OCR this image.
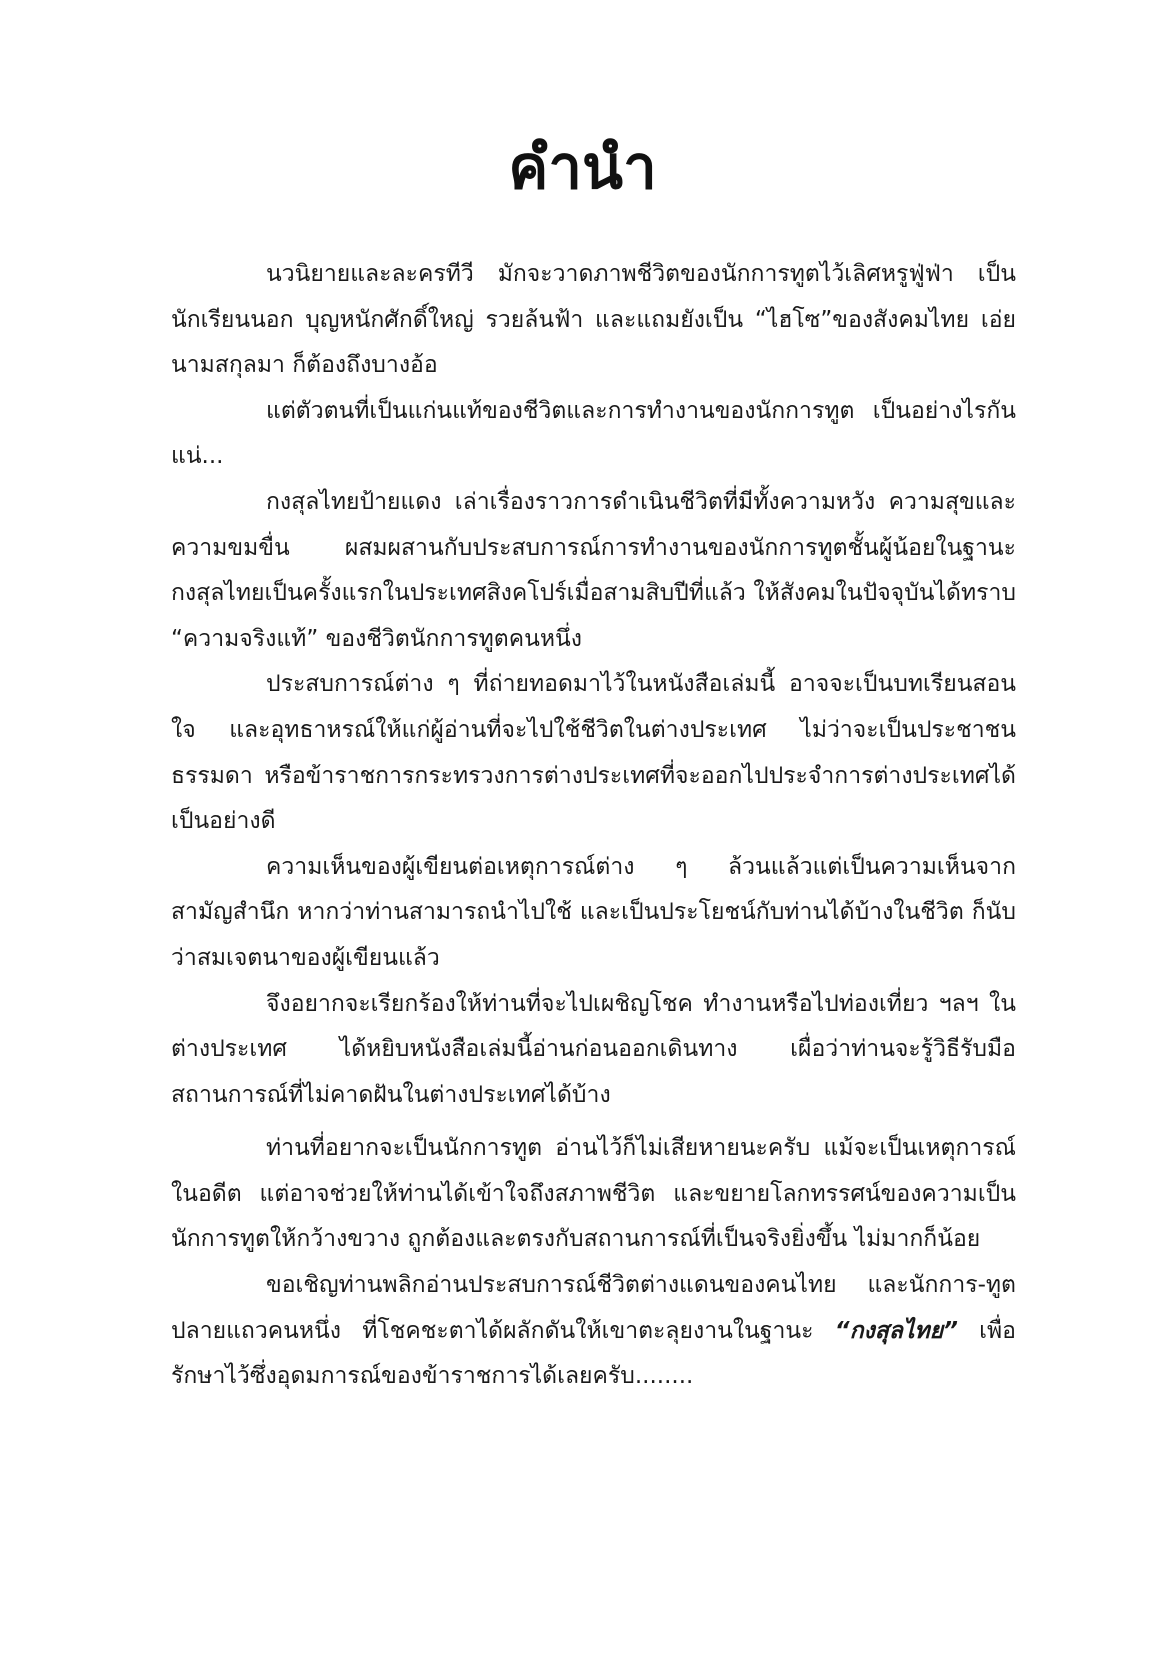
คำนำ

นวนิยายและละครทีวี มักจะวาดภาพชีวิตของนักการทูตไว้เลิศหรูฟู่ฟ่า เป็นนักเรียนนอก บุญหนักศักดิ์ใหญ่ รวยล้นฟ้า และแถมยังเป็น “ไฮโซ”ของสังคมไทย เอ่ยนามสกุลมา ก็ต้องถึงบางอ้อ

แต่ตัวตนที่เป็นแก่นแท้ของชีวิตและการทำงานของนักการทูต เป็นอย่างไรกันแน่...

กงสุลไทยป้ายแดง เล่าเรื่องราวการดำเนินชีวิตที่มีทั้งความหวัง ความสุขและความขมขื่น ผสมผสานกับประสบการณ์การทำงานของนักการทูตชั้นผู้น้อยในฐานะกงสุลไทยเป็นครั้งแรกในประเทศสิงคโปร์เมื่อสามสิบปีที่แล้ว ให้สังคมในปัจจุบันได้ทราบ “ความจริงแท้” ของชีวิตนักการทูตคนหนึ่ง

ประสบการณ์ต่าง ๆ ที่ถ่ายทอดมาไว้ในหนังสือเล่มนี้ อาจจะเป็นบทเรียนสอนใจ และอุทธาหรณ์ให้แก่ผู้อ่านที่จะไปใช้ชีวิตในต่างประเทศ ไม่ว่าจะเป็นประชาชนธรรมดา หรือข้าราชการกระทรวงการต่างประเทศที่จะออกไปประจำการต่างประเทศได้เป็นอย่างดี

ความเห็นของผู้เขียนต่อเหตุการณ์ต่าง ๆ ล้วนแล้วแต่เป็นความเห็นจากสามัญสำนึก หากว่าท่านสามารถนำไปใช้ และเป็นประโยชน์กับท่านได้บ้างในชีวิต ก็นับว่าสมเจตนาของผู้เขียนแล้ว

จึงอยากจะเรียกร้องให้ท่านที่จะไปเผชิญโชค ทำงานหรือไปท่องเที่ยว ฯลฯ ในต่างประเทศ ได้หยิบหนังสือเล่มนี้อ่านก่อนออกเดินทาง เผื่อว่าท่านจะรู้วิธีรับมือสถานการณ์ที่ไม่คาดฝันในต่างประเทศได้บ้าง

ท่านที่อยากจะเป็นนักการทูต อ่านไว้ก็ไม่เสียหายนะครับ แม้จะเป็นเหตุการณ์ในอดีต แต่อาจช่วยให้ท่านได้เข้าใจถึงสภาพชีวิต และขยายโลกทรรศน์ของความเป็นนักการทูตให้กว้างขวาง ถูกต้องและตรงกับสถานการณ์ที่เป็นจริงยิ่งขึ้น ไม่มากก็น้อย

ขอเชิญท่านพลิกอ่านประสบการณ์ชีวิตต่างแดนของคนไทย และนักการ-ทูตปลายแถวคนหนึ่ง ที่โชคชะตาได้ผลักดันให้เขาตะลุยงานในฐานะ “กงสุลไทย” เพื่อรักษาไว้ซึ่งอุดมการณ์ของข้าราชการได้เลยครับ........
